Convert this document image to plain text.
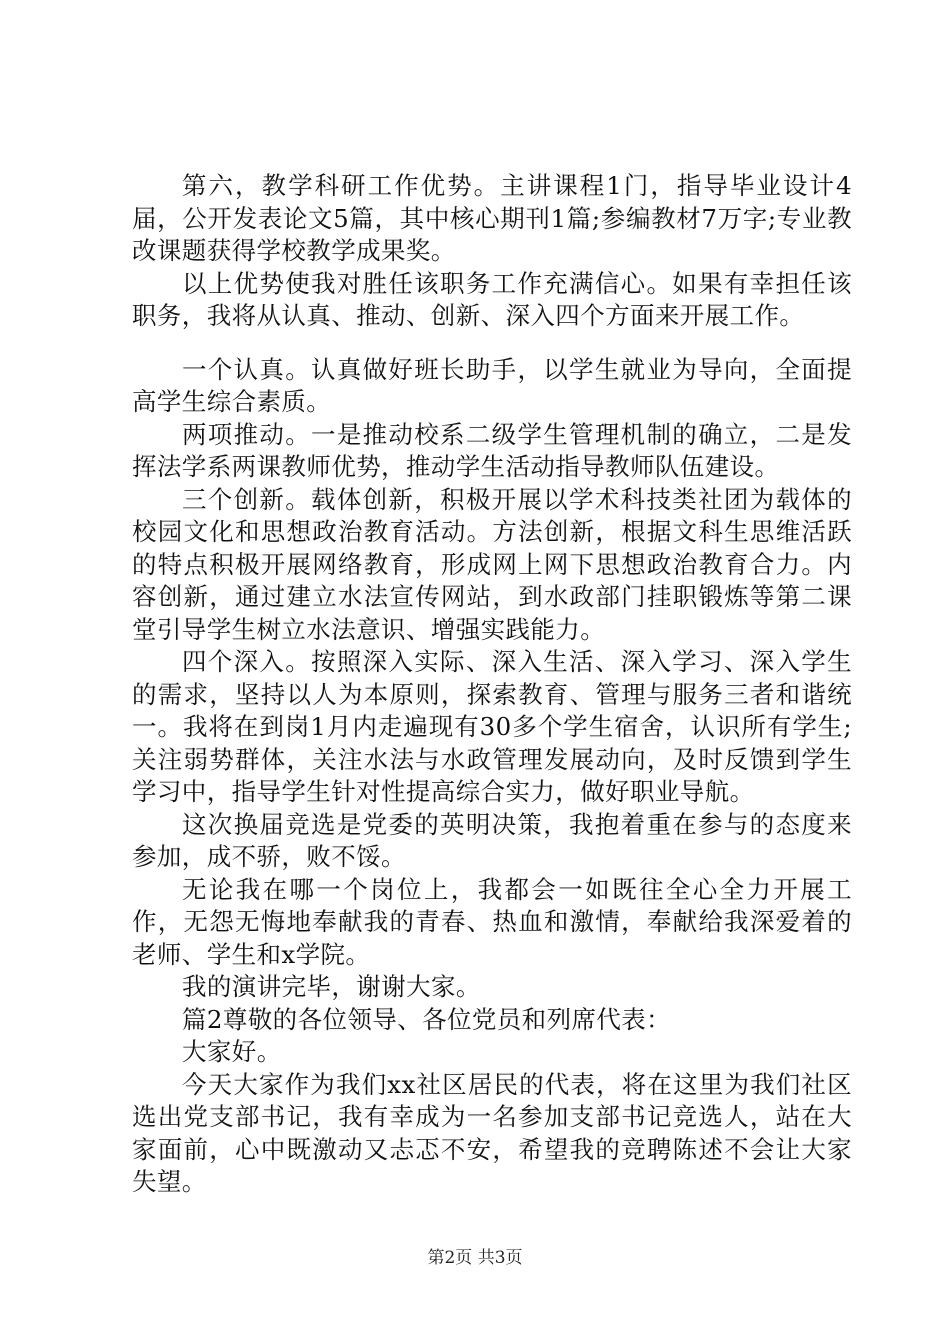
第六，教学科研工作优势。主讲课程1门，指导毕业设计4届，公开发表论文5篇，其中核心期刊1篇;参编教材7万字;专业教改课题获得学校教学成果奖。

以上优势使我对胜任该职务工作充满信心。如果有幸担任该职务，我将从认真、推动、创新、深入四个方面来开展工作。

一个认真。认真做好班长助手，以学生就业为导向，全面提高学生综合素质。

两项推动。一是推动校系二级学生管理机制的确立，二是发挥法学系两课教师优势，推动学生活动指导教师队伍建设。

三个创新。载体创新，积极开展以学术科技类社团为载体的校园文化和思想政治教育活动。方法创新，根据文科生思维活跃的特点积极开展网络教育，形成网上网下思想政治教育合力。内容创新，通过建立水法宣传网站，到水政部门挂职锻炼等第二课堂引导学生树立水法意识、增强实践能力。

四个深入。按照深入实际、深入生活、深入学习、深入学生的需求，坚持以人为本原则，探索教育、管理与服务三者和谐统一。我将在到岗1月内走遍现有30多个学生宿舍，认识所有学生;关注弱势群体，关注水法与水政管理发展动向，及时反馈到学生学习中，指导学生针对性提高综合实力，做好职业导航。

这次换届竞选是党委的英明决策，我抱着重在参与的态度来参加，成不骄，败不馁。

无论我在哪一个岗位上，我都会一如既往全心全力开展工作，无怨无悔地奉献我的青春、热血和激情，奉献给我深爱着的老师、学生和x学院。

我的演讲完毕，谢谢大家。

篇2尊敬的各位领导、各位党员和列席代表：

大家好。

今天大家作为我们xx社区居民的代表，将在这里为我们社区选出党支部书记，我有幸成为一名参加支部书记竞选人，站在大家面前，心中既激动又忐忑不安，希望我的竞聘陈述不会让大家失望。

第2页 共3页
